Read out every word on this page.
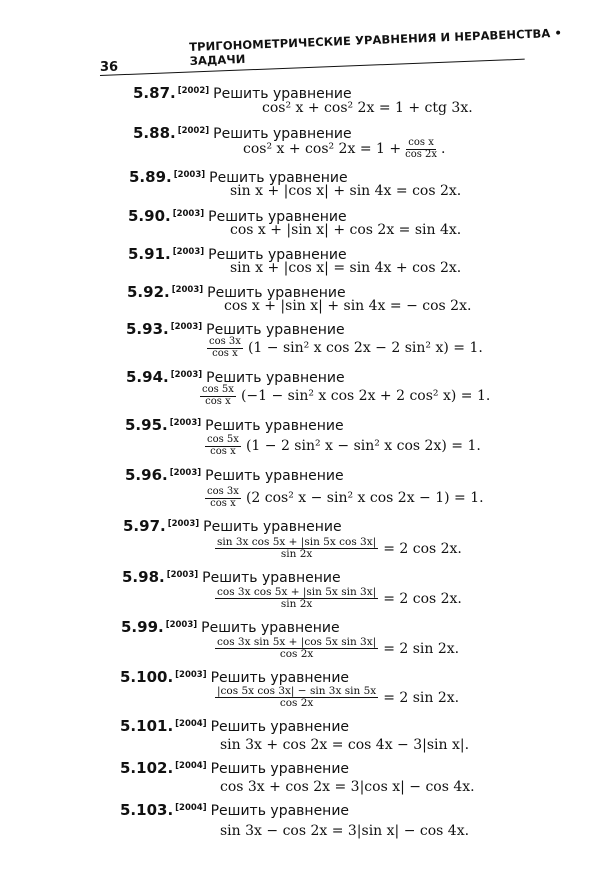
36
ТРИГОНОМЕТРИЧЕСКИЕ УРАВНЕНИЯ И НЕРАВЕНСТВА • ЗАДАЧИ
5.87. [2002] Решить уравнение
cos² x + cos² 2x = 1 + ctg 3x.
5.88. [2002] Решить уравнение
cos² x + cos² $2x = 1 + \frac{\text{cos x}}{\cos 2x}$ .
5.89. [2003] Решить уравнение
sin x + |cos x| + sin 4x = cos 2x.
5.90. [2003] Решить уравнение
cos x + |sin x| + cos 2x = sin 4x.
5.91. [2003] Решить уравнение
sin x + |cos x| = sin 4x + cos 2x.
5.92. [2003] Решить уравнение
cos x + |sin x| + sin 4x = − cos 2x.
5.93. [2003] Решить уравнение
$\frac{\cos 3x}{\text{cos x}} (1 - \sin^2$ x cos 2x − 2 sin² x) = 1.
5.94. [2003] Решить уравнение
$\frac{\cos 5x}{\text{cos x}} (-1 - \sin^2$ x cos 2x + 2 cos² x) = 1.
5.95. [2003] Решить уравнение
$\frac{\cos 5x}{\text{cos x}} (1 - 2$ sin² x − sin² x cos 2x) = 1.
5.96. [2003] Решить уравнение
$\frac{\cos 3x}{\text{cos x}} (2$ cos² x − sin² x cos 2x − 1) = 1.
5.97. [2003] Решить уравнение
$\frac{\text{sin 3x cos 5x + |sin 5x cos 3x|}}{\sin 2x} = 2$ cos 2x.
5.98. [2003] Решить уравнение
$\frac{\text{cos 3x cos 5x + |sin 5x sin 3x|}}{\sin 2x} = 2$ cos 2x.
5.99. [2003] Решить уравнение
$\frac{\text{cos 3x sin 5x + |cos 5x sin 3x|}}{\cos 2x} = 2$ sin 2x.
5.100. [2003] Решить уравнение
$\frac{\text{|cos 5x cos 3x| − sin 3x sin 5x}}{\cos 2x} = 2$ sin 2x.
5.101. [2004] Решить уравнение
sin 3x + cos 2x = cos 4x − 3|sin x|.
5.102. [2004] Решить уравнение
cos 3x + cos 2x = 3|cos x| − cos 4x.
5.103. [2004] Решить уравнение
sin 3x − cos 2x = 3|sin x| − cos 4x.
